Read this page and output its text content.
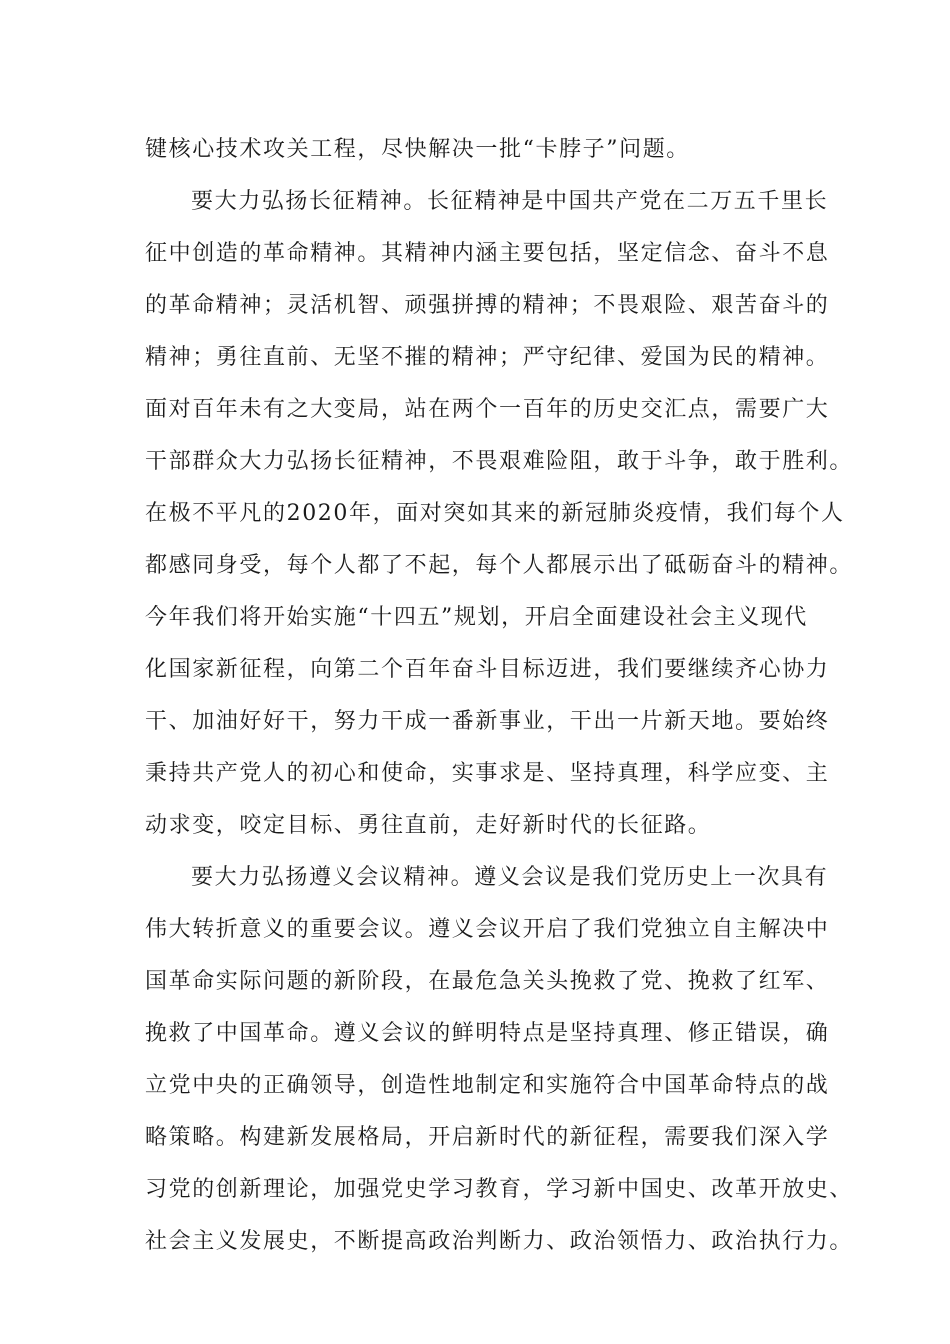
键核心技术攻关工程，尽快解决一批“卡脖子”问题。
要大力弘扬长征精神。长征精神是中国共产党在二万五千里长
征中创造的革命精神。其精神内涵主要包括，坚定信念、奋斗不息
的革命精神；灵活机智、顽强拼搏的精神；不畏艰险、艰苦奋斗的
精神；勇往直前、无坚不摧的精神；严守纪律、爱国为民的精神。
面对百年未有之大变局，站在两个一百年的历史交汇点，需要广大
干部群众大力弘扬长征精神，不畏艰难险阻，敢于斗争，敢于胜利。
在极不平凡的2020年，面对突如其来的新冠肺炎疫情，我们每个人
都感同身受，每个人都了不起，每个人都展示出了砥砺奋斗的精神。
今年我们将开始实施“十四五”规划，开启全面建设社会主义现代
化国家新征程，向第二个百年奋斗目标迈进，我们要继续齐心协力
干、加油好好干，努力干成一番新事业，干出一片新天地。要始终
秉持共产党人的初心和使命，实事求是、坚持真理，科学应变、主
动求变，咬定目标、勇往直前，走好新时代的长征路。
要大力弘扬遵义会议精神。遵义会议是我们党历史上一次具有
伟大转折意义的重要会议。遵义会议开启了我们党独立自主解决中
国革命实际问题的新阶段，在最危急关头挽救了党、挽救了红军、
挽救了中国革命。遵义会议的鲜明特点是坚持真理、修正错误，确
立党中央的正确领导，创造性地制定和实施符合中国革命特点的战
略策略。构建新发展格局，开启新时代的新征程，需要我们深入学
习党的创新理论，加强党史学习教育，学习新中国史、改革开放史、
社会主义发展史，不断提高政治判断力、政治领悟力、政治执行力。
